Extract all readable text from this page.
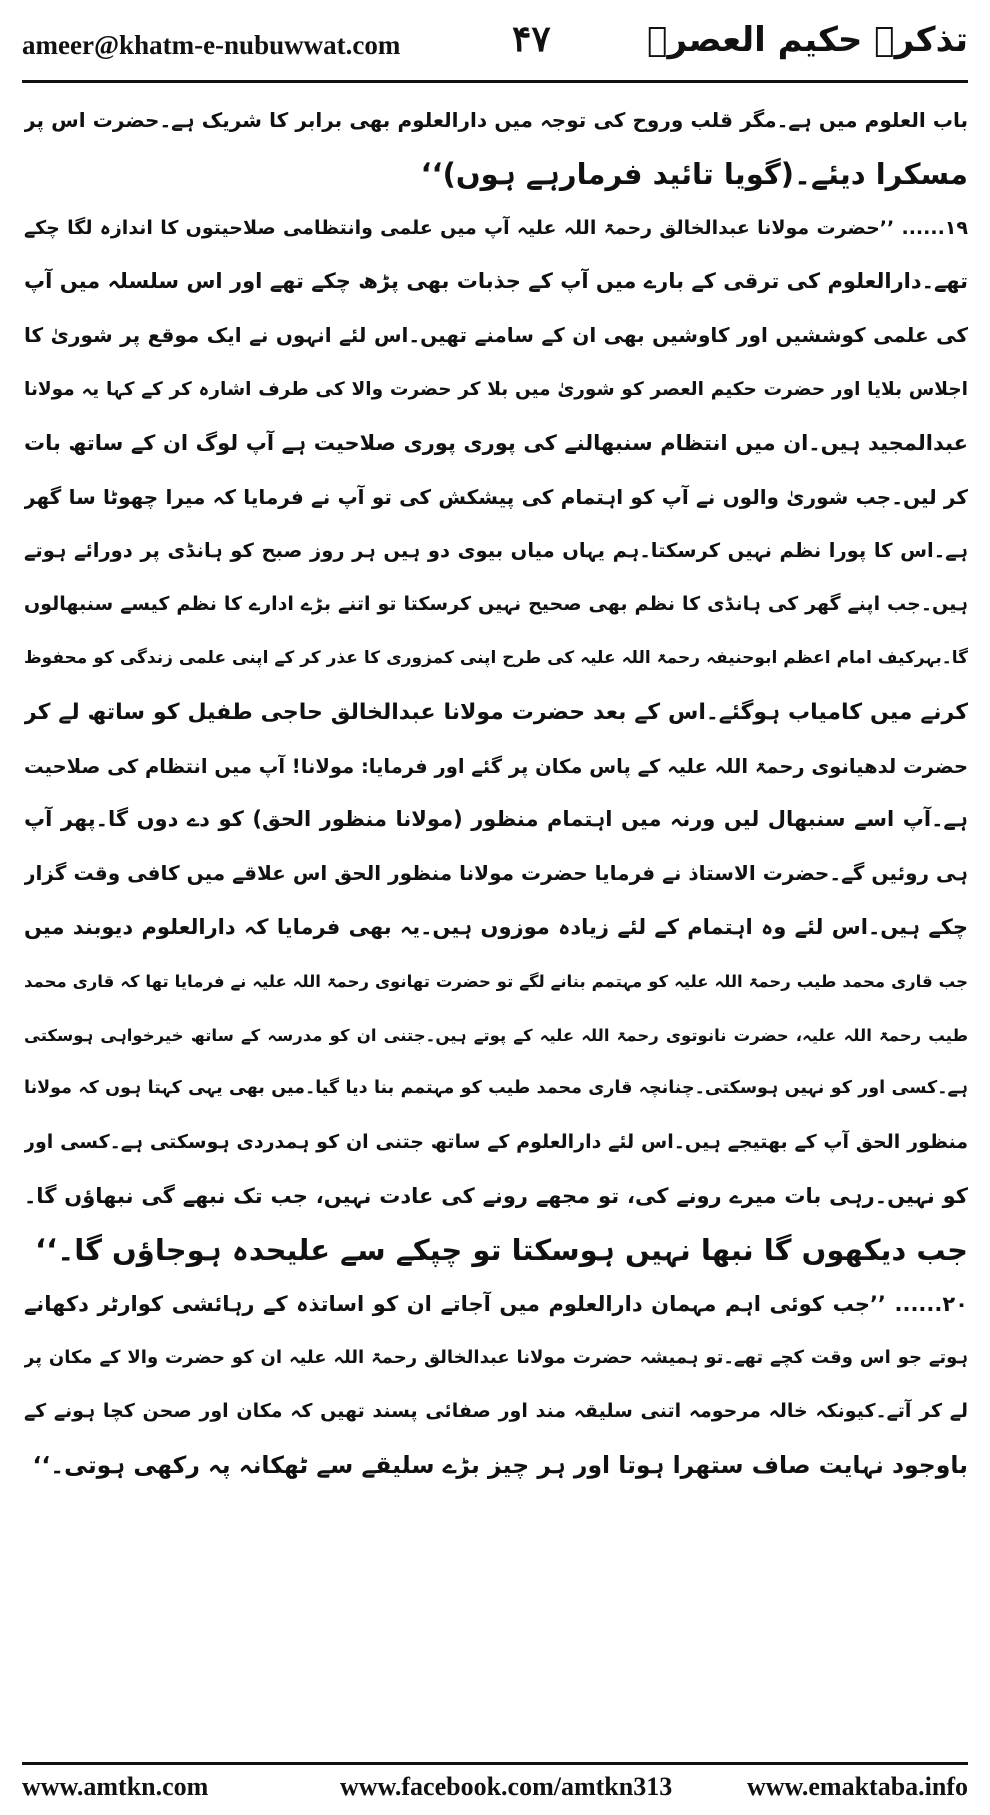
ameer@khatm-e-nubuwwat.com	۴۷	تذکرہ حکیم العصرؒ
باب العلوم میں ہے۔مگر قلب وروح کی توجہ میں دارالعلوم بھی برابر کا شریک ہے۔حضرت اس پر
مسکرا دیئے۔(گویا تائید فرمارہے ہوں)‘‘
۱۹...... ’’حضرت مولانا عبدالخالق رحمۃ اللہ علیہ آپ میں علمی وانتظامی صلاحیتوں کا اندازہ لگا چکے
تھے۔دارالعلوم کی ترقی کے بارے میں آپ کے جذبات بھی پڑھ چکے تھے اور اس سلسلہ میں آپ
کی علمی کوششیں اور کاوشیں بھی ان کے سامنے تھیں۔اس لئے انہوں نے ایک موقع پر شوریٰ کا
اجلاس بلایا اور حضرت حکیم العصر کو شوریٰ میں بلا کر حضرت والا کی طرف اشارہ کر کے کہا یہ مولانا
عبدالمجید ہیں۔ان میں انتظام سنبھالنے کی پوری پوری صلاحیت ہے آپ لوگ ان کے ساتھ بات
کر لیں۔جب شوریٰ والوں نے آپ کو اہتمام کی پیشکش کی تو آپ نے فرمایا کہ میرا چھوٹا سا گھر
ہے۔اس کا پورا نظم نہیں کرسکتا۔ہم یہاں میاں بیوی دو ہیں ہر روز صبح کو ہانڈی پر دورائے ہوتے
ہیں۔جب اپنے گھر کی ہانڈی کا نظم بھی صحیح نہیں کرسکتا تو اتنے بڑے ادارے کا نظم کیسے سنبھالوں
گا۔بہرکیف امام اعظم ابوحنیفہ رحمۃ اللہ علیہ کی طرح اپنی کمزوری کا عذر کر کے اپنی علمی زندگی کو محفوظ
کرنے میں کامیاب ہوگئے۔اس کے بعد حضرت مولانا عبدالخالق حاجی طفیل کو ساتھ لے کر
حضرت لدھیانوی رحمۃ اللہ علیہ کے پاس مکان پر گئے اور فرمایا: مولانا! آپ میں انتظام کی صلاحیت
ہے۔آپ اسے سنبھال لیں ورنہ میں اہتمام منظور (مولانا منظور الحق) کو دے دوں گا۔پھر آپ
ہی روئیں گے۔حضرت الاستاذ نے فرمایا حضرت مولانا منظور الحق اس علاقے میں کافی وقت گزار
چکے ہیں۔اس لئے وہ اہتمام کے لئے زیادہ موزوں ہیں۔یہ بھی فرمایا کہ دارالعلوم دیوبند میں
جب قاری محمد طیب رحمۃ اللہ علیہ کو مہتمم بنانے لگے تو حضرت تھانوی رحمۃ اللہ علیہ نے فرمایا تھا کہ قاری محمد
طیب رحمۃ اللہ علیہ، حضرت نانوتوی رحمۃ اللہ علیہ کے پوتے ہیں۔جتنی ان کو مدرسہ کے ساتھ خیرخواہی ہوسکتی
ہے۔کسی اور کو نہیں ہوسکتی۔چنانچہ قاری محمد طیب کو مہتمم بنا دیا گیا۔میں بھی یہی کہتا ہوں کہ مولانا
منظور الحق آپ کے بھتیجے ہیں۔اس لئے دارالعلوم کے ساتھ جتنی ان کو ہمدردی ہوسکتی ہے۔کسی اور
کو نہیں۔رہی بات میرے رونے کی، تو مجھے رونے کی عادت نہیں، جب تک نبھے گی نبھاؤں گا۔
جب دیکھوں گا نبھا نہیں ہوسکتا تو چپکے سے علیحدہ ہوجاؤں گا۔‘‘
۲۰...... ’’جب کوئی اہم مہمان دارالعلوم میں آجاتے ان کو اساتذہ کے رہائشی کوارٹر دکھانے
ہوتے جو اس وقت کچے تھے۔تو ہمیشہ حضرت مولانا عبدالخالق رحمۃ اللہ علیہ ان کو حضرت والا کے مکان پر
لے کر آتے۔کیونکہ خالہ مرحومہ اتنی سلیقہ مند اور صفائی پسند تھیں کہ مکان اور صحن کچا ہونے کے
باوجود نہایت صاف ستھرا ہوتا اور ہر چیز بڑے سلیقے سے ٹھکانہ پہ رکھی ہوتی۔‘‘
www.amtkn.com	www.facebook.com/amtkn313	www.emaktaba.info
